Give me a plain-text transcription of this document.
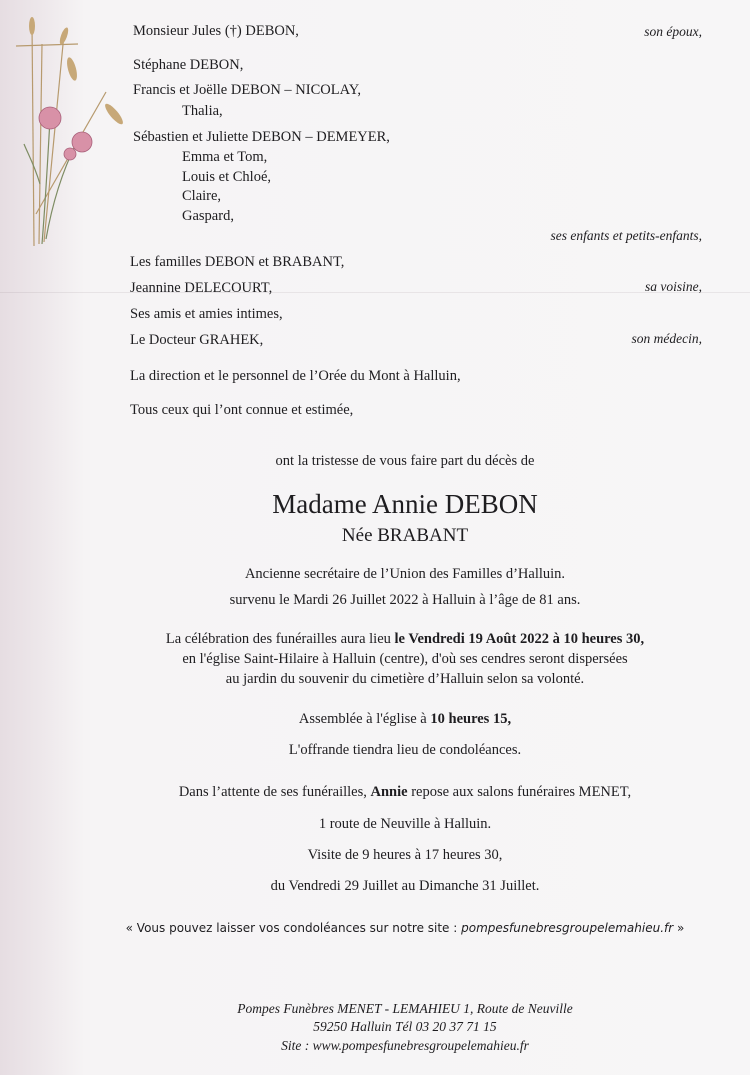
Monsieur Jules (†) DEBON,	son époux,
Stéphane DEBON,
Francis et Joëlle DEBON – NICOLAY,
Thalia,
Sébastien et Juliette DEBON – DEMEYER,
Emma et Tom,
Louis et Chloé,
Claire,
Gaspard,
ses enfants et petits-enfants,
Les familles DEBON et BRABANT,
Jeannine DELECOURT,	sa voisine,
Ses amis et amies intimes,
Le Docteur GRAHEK,	son médecin,
La direction et le personnel de l’Orée du Mont à Halluin,
Tous ceux qui l’ont connue et estimée,
ont la tristesse de vous faire part du décès de
Madame Annie DEBON
Née BRABANT
Ancienne secrétaire de l’Union des Familles d’Halluin.
survenu le Mardi 26 Juillet 2022 à Halluin à l’âge de 81 ans.
La célébration des funérailles aura lieu le Vendredi 19 Août 2022 à 10 heures 30,
en l'église Saint-Hilaire à Halluin (centre), d'où ses cendres seront dispersées
au jardin du souvenir du cimetière d’Halluin selon sa volonté.
Assemblée à l'église à 10 heures 15,
L'offrande tiendra lieu de condoléances.
Dans l’attente de ses funérailles, Annie repose aux salons funéraires MENET,
1 route de Neuville à Halluin.
Visite de 9 heures à 17 heures 30,
du Vendredi 29 Juillet au Dimanche 31 Juillet.
« Vous pouvez laisser vos condoléances sur notre site : pompesfunebresgroupelemahieu.fr »
Pompes Funèbres MENET - LEMAHIEU 1, Route de Neuville
59250 Halluin Tél 03 20 37 71 15
Site : www.pompesfunebresgroupelemahieu.fr
